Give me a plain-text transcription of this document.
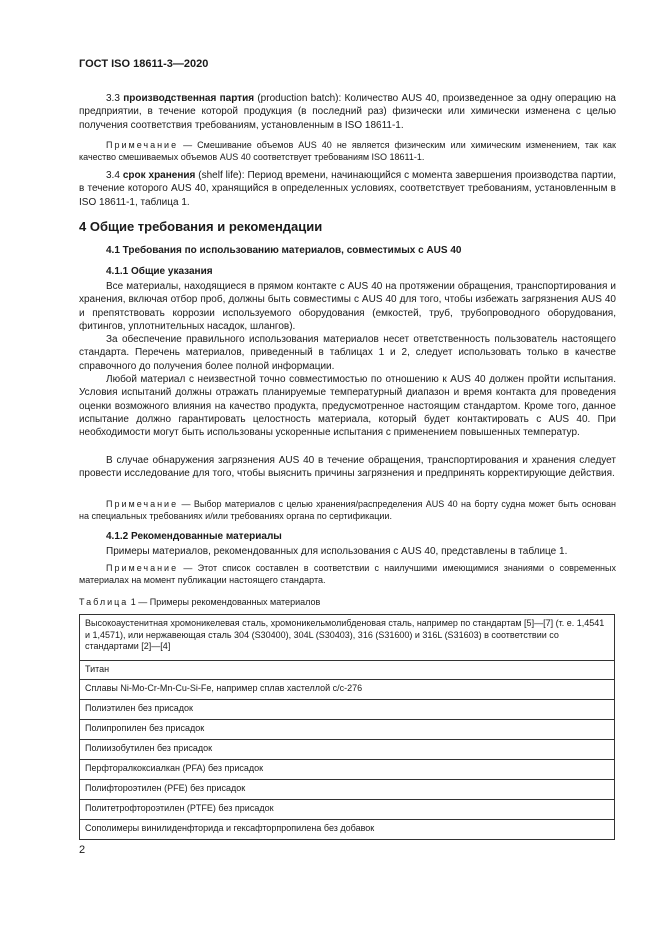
ГОСТ ISO 18611-3—2020

3.3 производственная партия (production batch): Количество AUS 40, произведенное за одну операцию на предприятии, в течение которой продукция (в последний раз) физически или химически изменена с целью получения соответствия требованиям, установленным в ISO 18611-1.

Примечание — Смешивание объемов AUS 40 не является физическим или химическим изменением, так как качество смешиваемых объемов AUS 40 соответствует требованиям ISO 18611-1.

3.4 срок хранения (shelf life): Период времени, начинающийся с момента завершения производства партии, в течение которого AUS 40, хранящийся в определенных условиях, соответствует требованиям, установленным в ISO 18611-1, таблица 1.

4 Общие требования и рекомендации
4.1 Требования по использованию материалов, совместимых с AUS 40
4.1.1 Общие указания

Все материалы, находящиеся в прямом контакте с AUS 40 на протяжении обращения, транспортирования и хранения, включая отбор проб, должны быть совместимы с AUS 40 для того, чтобы избежать загрязнения AUS 40 и препятствовать коррозии используемого оборудования (емкостей, труб, трубопроводного оборудования, фитингов, уплотнительных насадок, шлангов).

За обеспечение правильного использования материалов несет ответственность пользователь настоящего стандарта. Перечень материалов, приведенный в таблицах 1 и 2, следует использовать только в качестве справочного до получения более полной информации.

Любой материал с неизвестной точно совместимостью по отношению к AUS 40 должен пройти испытания. Условия испытаний должны отражать планируемые температурный диапазон и время контакта для проведения оценки возможного влияния на качество продукта, предусмотренное настоящим стандартом. Кроме того, данное испытание должно гарантировать целостность материала, который будет контактировать с AUS 40. При необходимости могут быть использованы ускоренные испытания с применением повышенных температур.

В случае обнаружения загрязнения AUS 40 в течение обращения, транспортирования и хранения следует провести исследование для того, чтобы выяснить причины загрязнения и предпринять корректирующие действия.

Примечание — Выбор материалов с целью хранения/распределения AUS 40 на борту судна может быть основан на специальных требованиях и/или требованиях органа по сертификации.

4.1.2 Рекомендованные материалы

Примеры материалов, рекомендованных для использования с AUS 40, представлены в таблице 1.

Примечание — Этот список составлен в соответствии с наилучшими имеющимися знаниями о современных материалах на момент публикации настоящего стандарта.

Таблица 1 — Примеры рекомендованных материалов
Высокоаустенитная хромоникелевая сталь, хромоникельмолибденовая сталь, например по стандартам [5]—[7] (т. е. 1,4541 и 1,4571), или нержавеющая сталь 304 (S30400), 304L (S30403), 316 (S31600) и 316L (S31603) в соответствии со стандартами [2]—[4]
Титан
Сплавы Ni-Mo-Cr-Mn-Cu-Si-Fe, например сплав хастеллой с/с-276
Полиэтилен без присадок
Полипропилен без присадок
Полиизобутилен без присадок
Перфторалкоксиалкан (PFA) без присадок
Полифтороэтилен (PFE) без присадок
Политетрофтороэтилен (PTFE) без присадок
Сополимеры винилиденфторида и гексафторпропилена без добавок
2
